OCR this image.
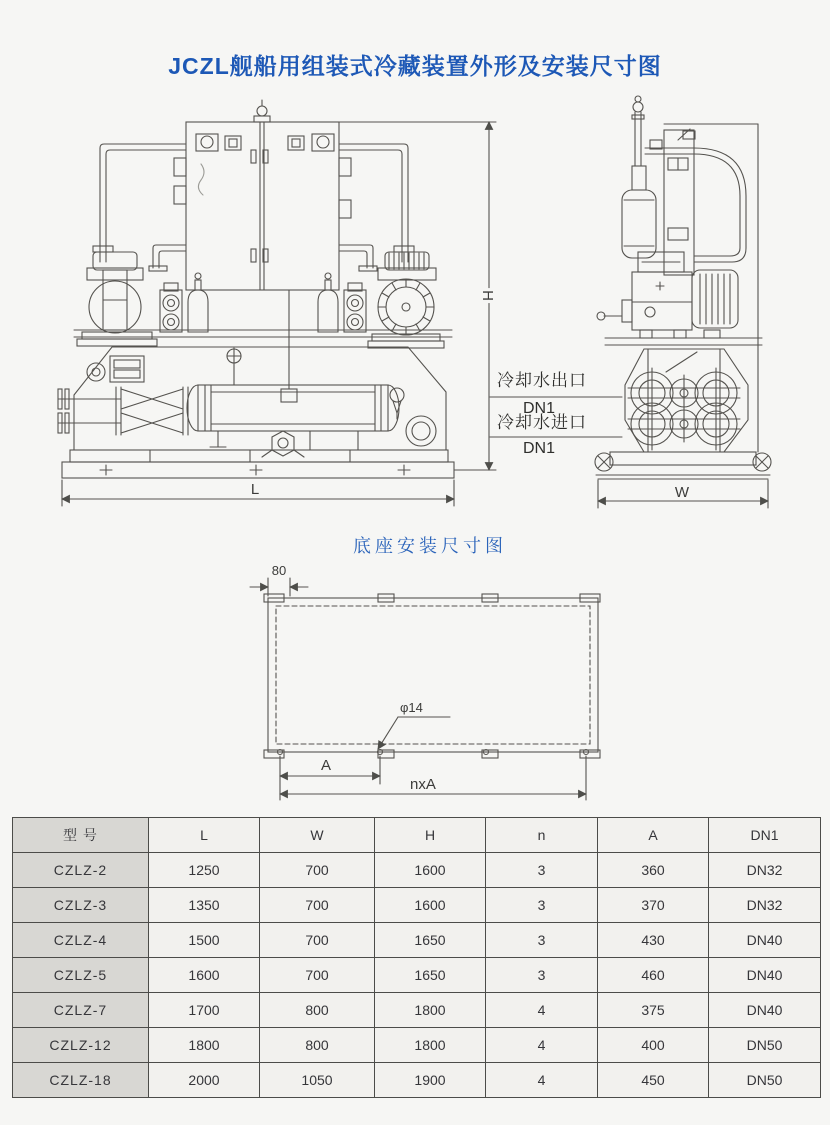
JCZL舰船用组装式冷藏装置外形及安装尺寸图
L
H
W
冷却水出口
DN1
冷却水进口
DN1
底座安装尺寸图
80
φ14
A
nxA
型 号	L	W	H	n	A	DN1
CZLZ-2	1250	700	1600	3	360	DN32
CZLZ-3	1350	700	1600	3	370	DN32
CZLZ-4	1500	700	1650	3	430	DN40
CZLZ-5	1600	700	1650	3	460	DN40
CZLZ-7	1700	800	1800	4	375	DN40
CZLZ-12	1800	800	1800	4	400	DN50
CZLZ-18	2000	1050	1900	4	450	DN50
